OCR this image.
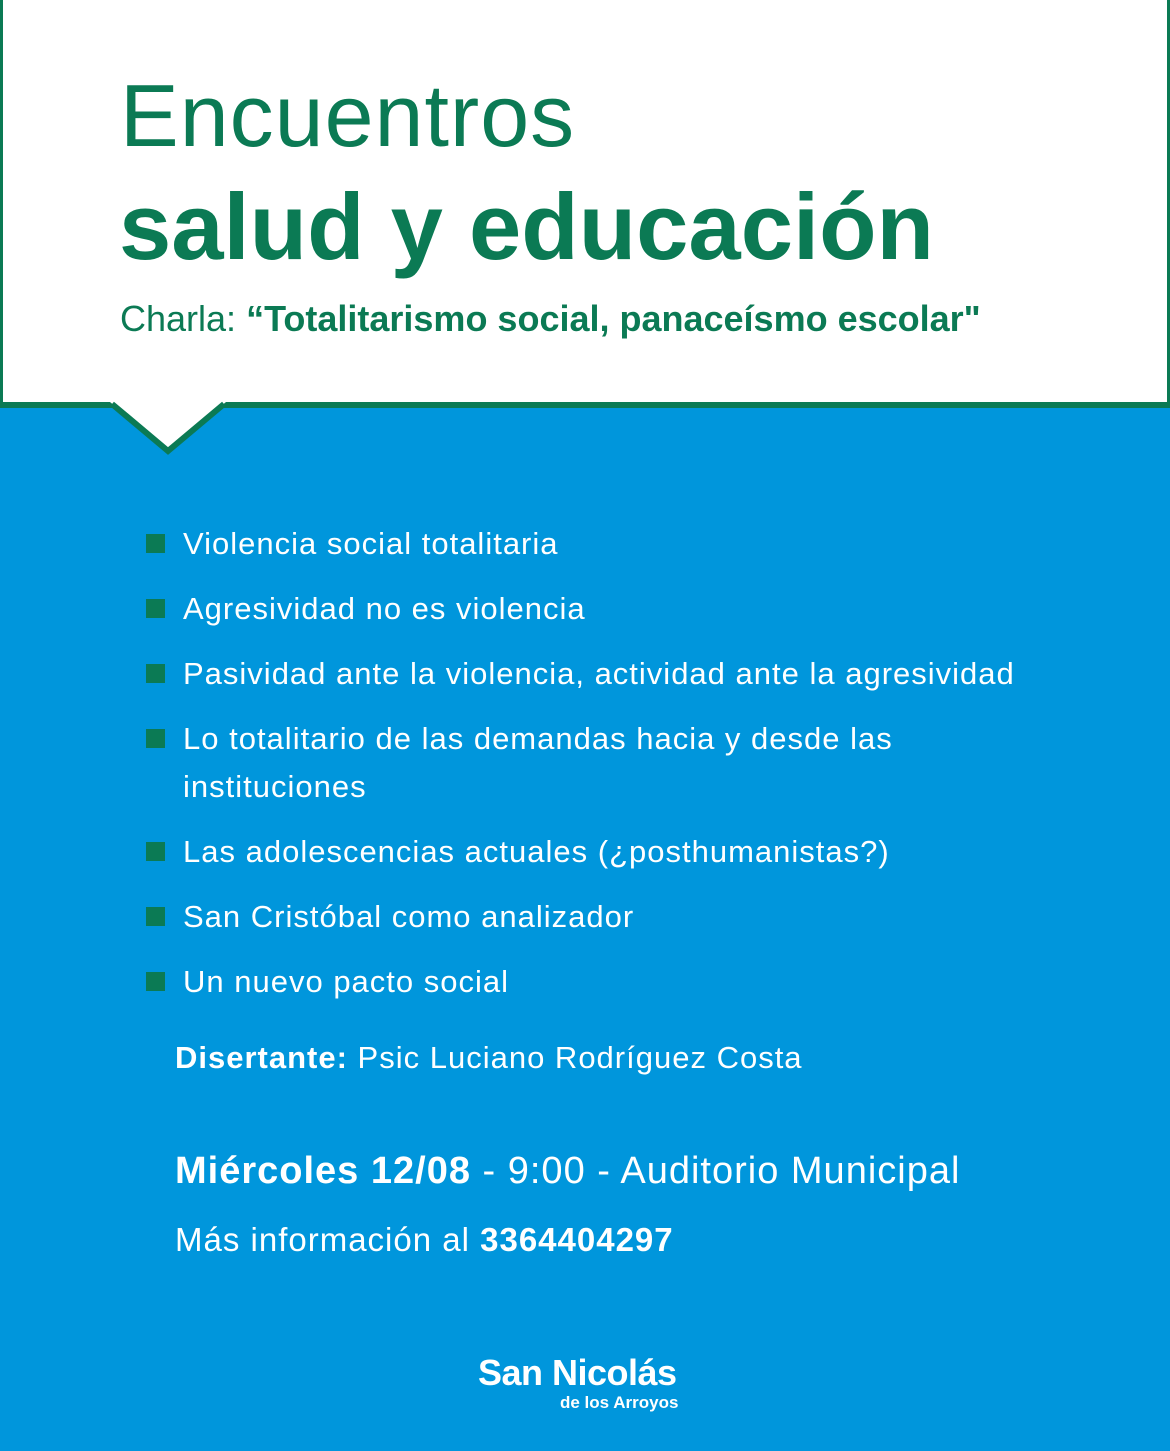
Encuentros
salud y educación
Charla: “Totalitarismo social, panaceísmo escolar"
Violencia social totalitaria
Agresividad no es violencia
Pasividad ante la violencia, actividad ante la agresividad
Lo totalitario de las demandas hacia y desde las instituciones
Las adolescencias actuales (¿posthumanistas?)
San Cristóbal como analizador
Un nuevo pacto social
Disertante: Psic Luciano Rodríguez Costa
Miércoles 12/08 - 9:00 - Auditorio Municipal
Más información al 3364404297
San Nicolás
de los Arroyos
